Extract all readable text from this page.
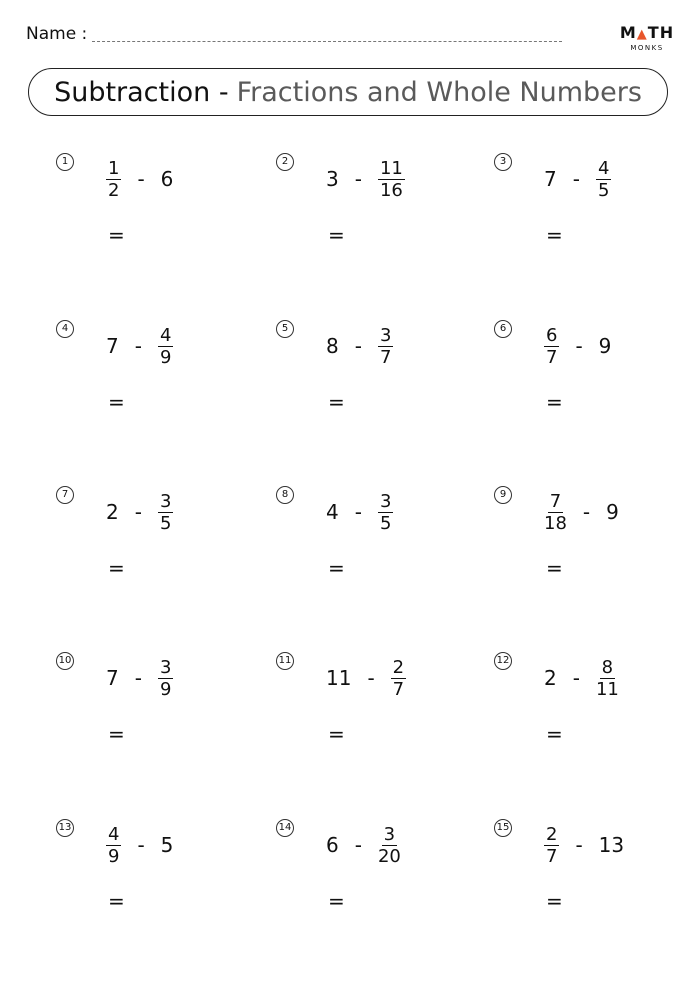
Name :	M▲TH
MONKS
Subtraction - Fractions and Whole Numbers
1	$\frac{1}{2} - 6$
=
2
$3 - \frac{11}{16}$
=
3
$7 - \frac{4}{5}$
=
4
$7 - \frac{4}{9}$
=
5
$8 - \frac{3}{7}$
=
6	$\frac{6}{7} - 9$
=
7
$2 - \frac{3}{5}$
=
8
$4 - \frac{3}{5}$
=
9	$\frac{7}{18} - 9$
=
10
$7 - \frac{3}{9}$
=
11
$11 - \frac{2}{7}$
=
12
$2 - \frac{8}{11}$
=
$13 \frac{4}{9} - 5$
=
14
$6 - \frac{3}{20}$
=
$15 \frac{2}{7} - 13$
=
